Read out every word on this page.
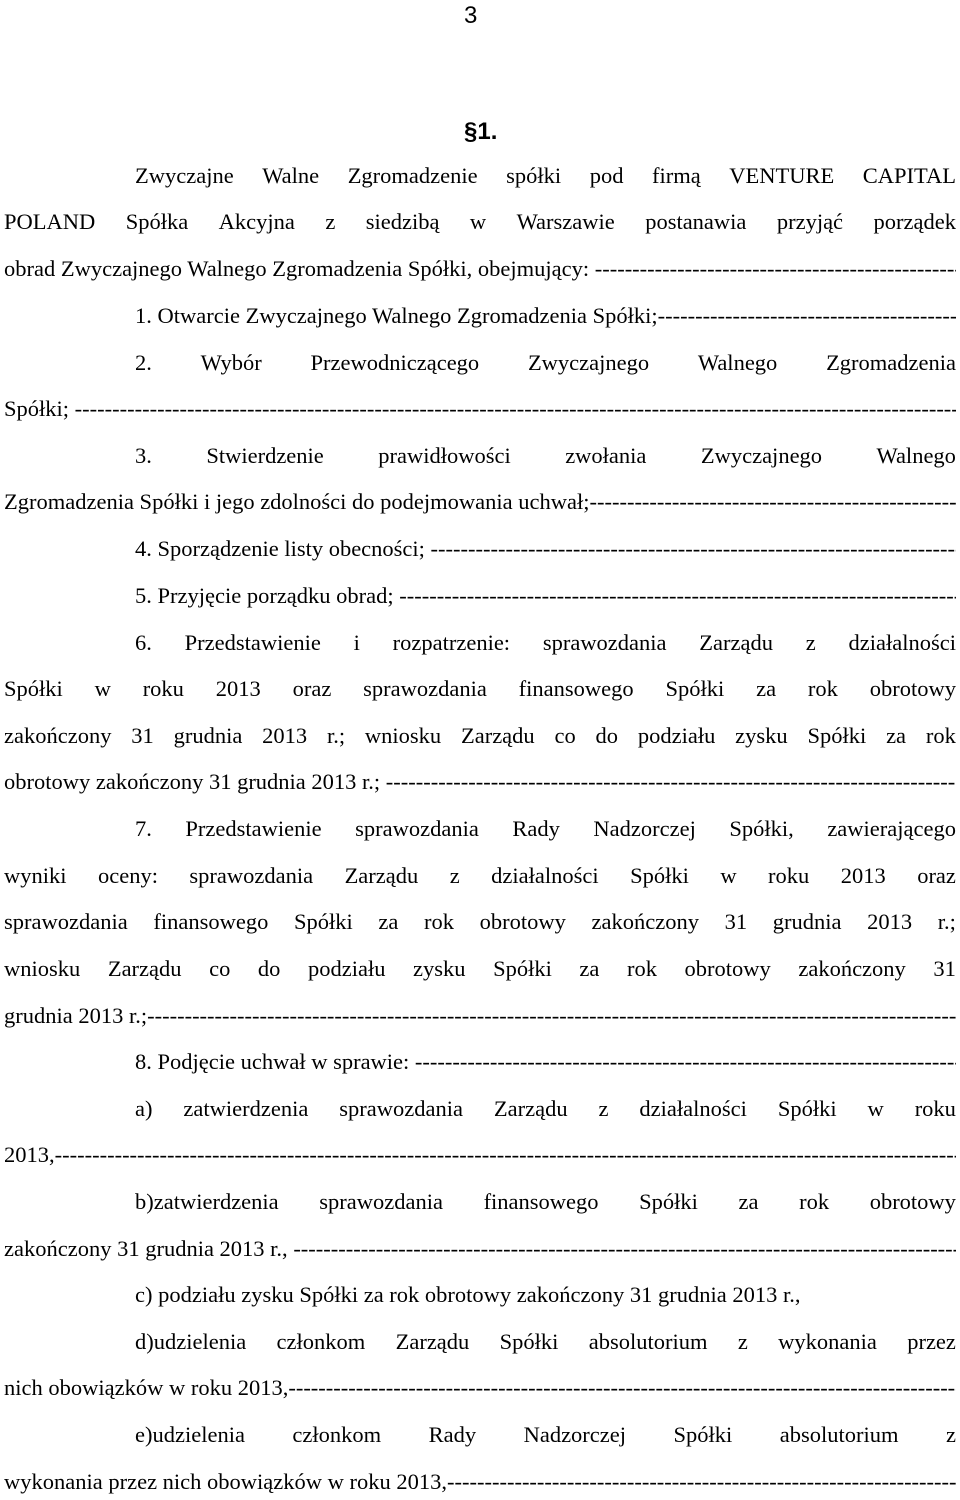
3
§1.
Zwyczajne Walne Zgromadzenie spółki pod firmą VENTURE CAPITAL
POLAND Spółka Akcyjna z siedzibą w Warszawie postanawia przyjąć porządek
obrad Zwyczajnego Walnego Zgromadzenia Spółki, obejmujący:
-----
1. Otwarcie Zwyczajnego Walnego Zgromadzenia Spółki;
-----
2. Wybór Przewodniczącego Zwyczajnego Walnego Zgromadzenia
Spółki;
-----
3. Stwierdzenie prawidłowości zwołania Zwyczajnego Walnego
Zgromadzenia Spółki i jego zdolności do podejmowania uchwał;
-----
4. Sporządzenie listy obecności;
-----
5. Przyjęcie porządku obrad;
-----
6. Przedstawienie i rozpatrzenie: sprawozdania Zarządu z działalności
Spółki w roku 2013 oraz sprawozdania finansowego Spółki za rok obrotowy
zakończony 31 grudnia 2013 r.; wniosku Zarządu co do podziału zysku Spółki za rok
obrotowy zakończony 31 grudnia 2013 r.;
-----
7. Przedstawienie sprawozdania Rady Nadzorczej Spółki, zawierającego
wyniki oceny: sprawozdania Zarządu z działalności Spółki w roku 2013 oraz
sprawozdania finansowego Spółki za rok obrotowy zakończony 31 grudnia 2013 r.;
wniosku Zarządu co do podziału zysku Spółki za rok obrotowy zakończony 31
grudnia 2013 r.;
-----
8. Podjęcie uchwał w sprawie:
-----
a) zatwierdzenia sprawozdania Zarządu z działalności Spółki w roku
2013,-
-----
b)zatwierdzenia sprawozdania finansowego Spółki za rok obrotowy
zakończony 31 grudnia 2013 r.,
-----
c) podziału zysku Spółki za rok obrotowy zakończony 31 grudnia 2013 r.,
d)udzielenia członkom Zarządu Spółki absolutorium z wykonania przez
nich obowiązków w roku 2013,
-----
e)udzielenia członkom Rady Nadzorczej Spółki absolutorium z
wykonania przez nich obowiązków w roku 2013,
-----
